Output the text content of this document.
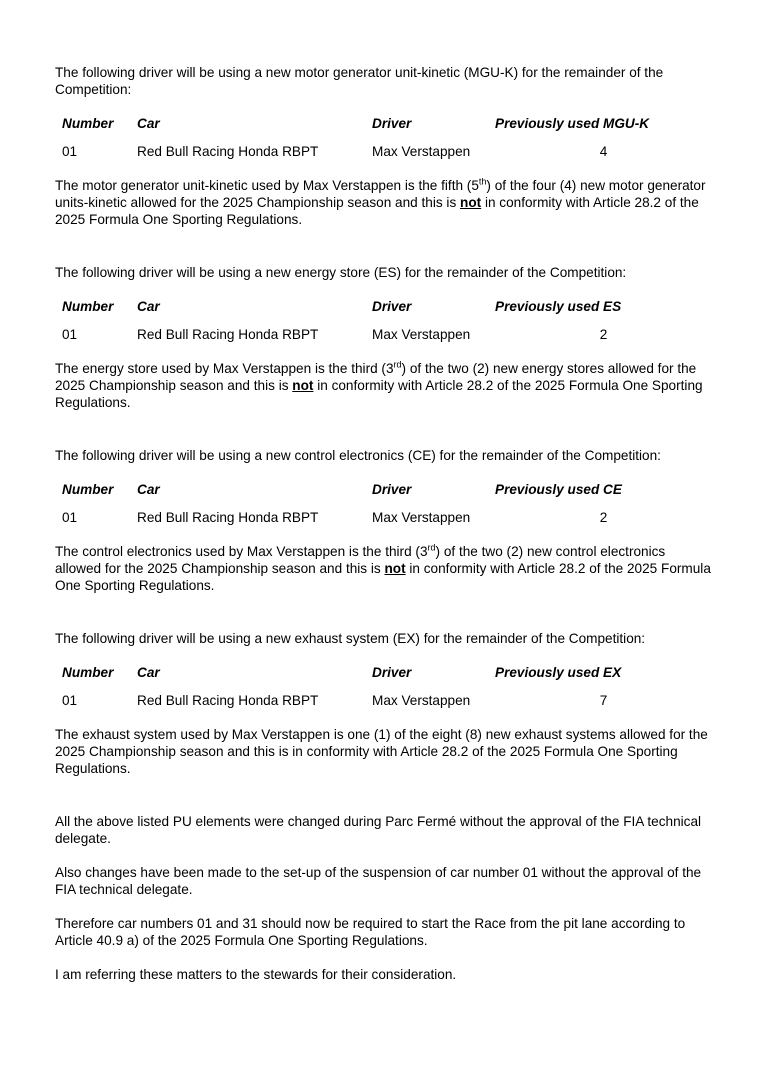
The following driver will be using a new motor generator unit-kinetic (MGU-K) for the remainder of the Competition:

Number	Car	Driver	Previously used MGU-K
01	Red Bull Racing Honda RBPT	Max Verstappen	4

The motor generator unit-kinetic used by Max Verstappen is the fifth (5th) of the four (4) new motor generator units-kinetic allowed for the 2025 Championship season and this is not in conformity with Article 28.2 of the 2025 Formula One Sporting Regulations.

The following driver will be using a new energy store (ES) for the remainder of the Competition:

Number	Car	Driver	Previously used ES
01	Red Bull Racing Honda RBPT	Max Verstappen	2

The energy store used by Max Verstappen is the third (3rd) of the two (2) new energy stores allowed for the 2025 Championship season and this is not in conformity with Article 28.2 of the 2025 Formula One Sporting Regulations.

The following driver will be using a new control electronics (CE) for the remainder of the Competition:

Number	Car	Driver	Previously used CE
01	Red Bull Racing Honda RBPT	Max Verstappen	2

The control electronics used by Max Verstappen is the third (3rd) of the two (2) new control electronics allowed for the 2025 Championship season and this is not in conformity with Article 28.2 of the 2025 Formula One Sporting Regulations.

The following driver will be using a new exhaust system (EX) for the remainder of the Competition:

Number	Car	Driver	Previously used EX
01	Red Bull Racing Honda RBPT	Max Verstappen	7

The exhaust system used by Max Verstappen is one (1) of the eight (8) new exhaust systems allowed for the 2025 Championship season and this is in conformity with Article 28.2 of the 2025 Formula One Sporting Regulations.

All the above listed PU elements were changed during Parc Fermé without the approval of the FIA technical delegate.

Also changes have been made to the set-up of the suspension of car number 01 without the approval of the FIA technical delegate.

Therefore car numbers 01 and 31 should now be required to start the Race from the pit lane according to Article 40.9 a) of the 2025 Formula One Sporting Regulations.

I am referring these matters to the stewards for their consideration.
